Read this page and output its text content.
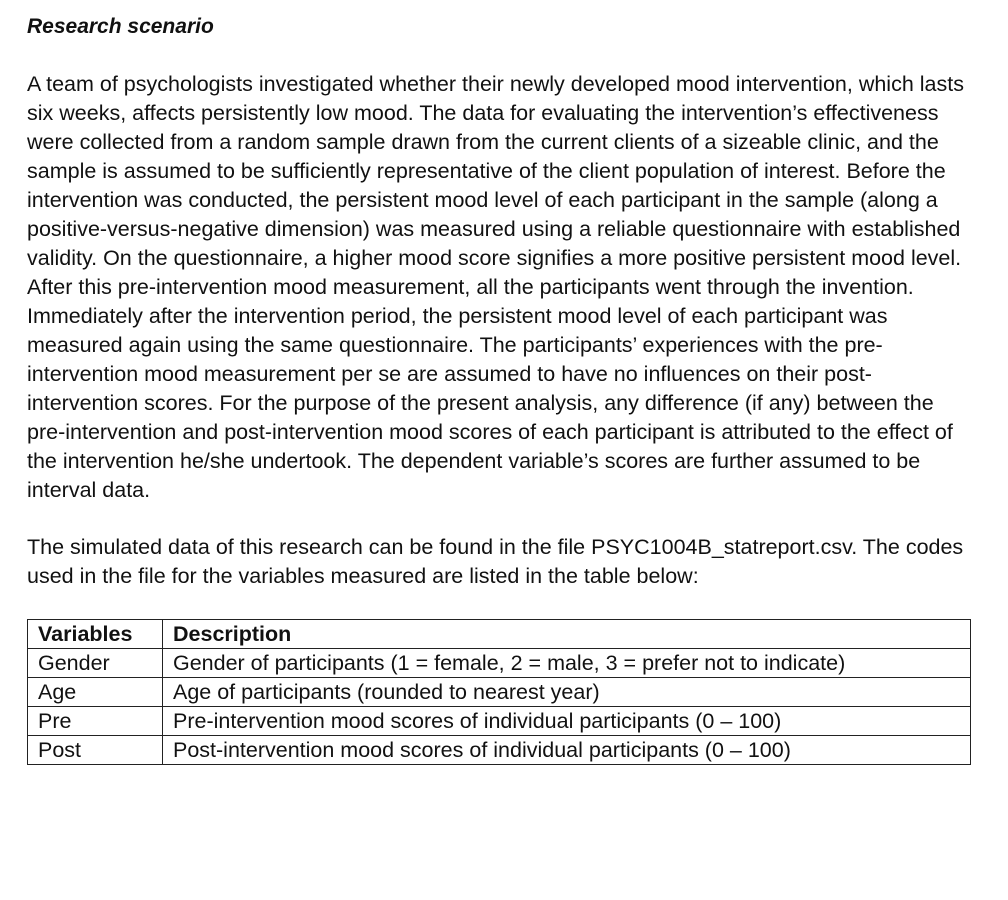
Research scenario

A team of psychologists investigated whether their newly developed mood intervention, which lasts six weeks, affects persistently low mood. The data for evaluating the intervention’s effectiveness were collected from a random sample drawn from the current clients of a sizeable clinic, and the sample is assumed to be sufficiently representative of the client population of interest. Before the intervention was conducted, the persistent mood level of each participant in the sample (along a positive-versus-negative dimension) was measured using a reliable questionnaire with established validity. On the questionnaire, a higher mood score signifies a more positive persistent mood level. After this pre-intervention mood measurement, all the participants went through the invention. Immediately after the intervention period, the persistent mood level of each participant was measured again using the same questionnaire. The participants’ experiences with the pre-intervention mood measurement per se are assumed to have no influences on their post-intervention scores. For the purpose of the present analysis, any difference (if any) between the pre-intervention and post-intervention mood scores of each participant is attributed to the effect of the intervention he/she undertook. The dependent variable’s scores are further assumed to be interval data.

The simulated data of this research can be found in the file PSYC1004B_statreport.csv. The codes used in the file for the variables measured are listed in the table below:

Variables	Description
Gender	Gender of participants (1 = female, 2 = male, 3 = prefer not to indicate)
Age	Age of participants (rounded to nearest year)
Pre	Pre-intervention mood scores of individual participants (0 – 100)
Post	Post-intervention mood scores of individual participants (0 – 100)
